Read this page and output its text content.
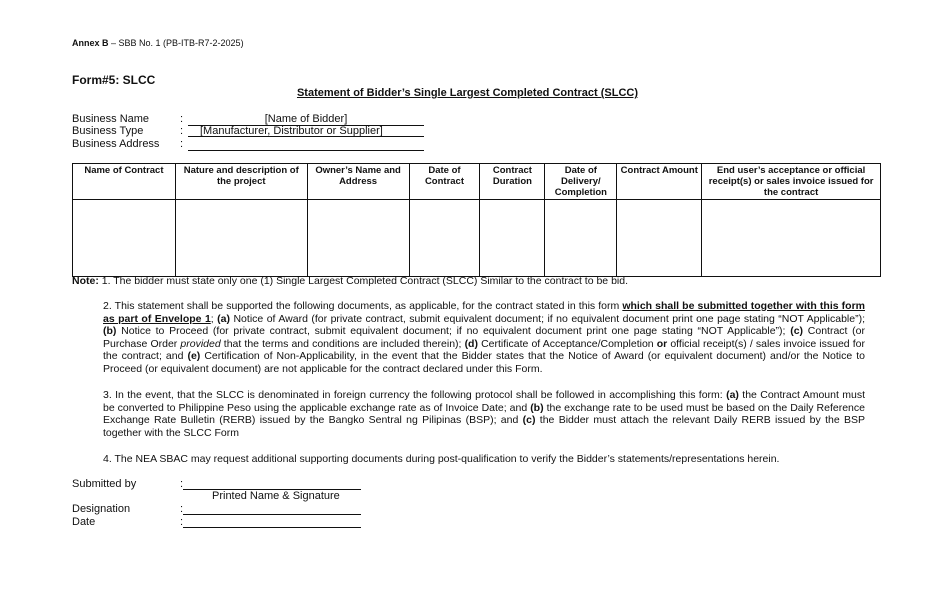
Annex B – SBB No. 1 (PB-ITB-R7-2-2025)
Form#5: SLCC
Statement of Bidder’s Single Largest Completed Contract (SLCC)
Business Name	:	[Name of Bidder]
Business Type	: [Manufacturer, Distributor or Supplier]
Business Address :
Name of Contract	Nature and description of the project	Owner’s Name and Address	Date of Contract	Contract Duration	Date of Delivery/ Completion	Contract Amount	End user’s acceptance or official receipt(s) or sales invoice issued for the contract

Note: 1. The bidder must state only one (1) Single Largest Completed Contract (SLCC) Similar to the contract to be bid.
2. This statement shall be supported the following documents, as applicable, for the contract stated in this form which shall be submitted together with this form as part of Envelope 1; (a) Notice of Award (for private contract, submit equivalent document; if no equivalent document print one page stating “NOT Applicable”); (b) Notice to Proceed (for private contract, submit equivalent document; if no equivalent document print one page stating “NOT Applicable”); (c) Contract (or Purchase Order provided that the terms and conditions are included therein); (d) Certificate of Acceptance/Completion or official receipt(s) / sales invoice issued for the contract; and (e) Certification of Non-Applicability, in the event that the Bidder states that the Notice of Award (or equivalent document) and/or the Notice to Proceed (or equivalent document) are not applicable for the contract declared under this Form.
3. In the event, that the SLCC is denominated in foreign currency the following protocol shall be followed in accomplishing this form: (a) the Contract Amount must be converted to Philippine Peso using the applicable exchange rate as of Invoice Date; and (b) the exchange rate to be used must be based on the Daily Reference Exchange Rate Bulletin (RERB) issued by the Bangko Sentral ng Pilipinas (BSP); and (c) the Bidder must attach the relevant Daily RERB issued by the BSP together with the SLCC Form
4. The NEA SBAC may request additional supporting documents during post-qualification to verify the Bidder’s statements/representations herein.
Submitted by	:
Printed Name & Signature
Designation	:
Date	:
